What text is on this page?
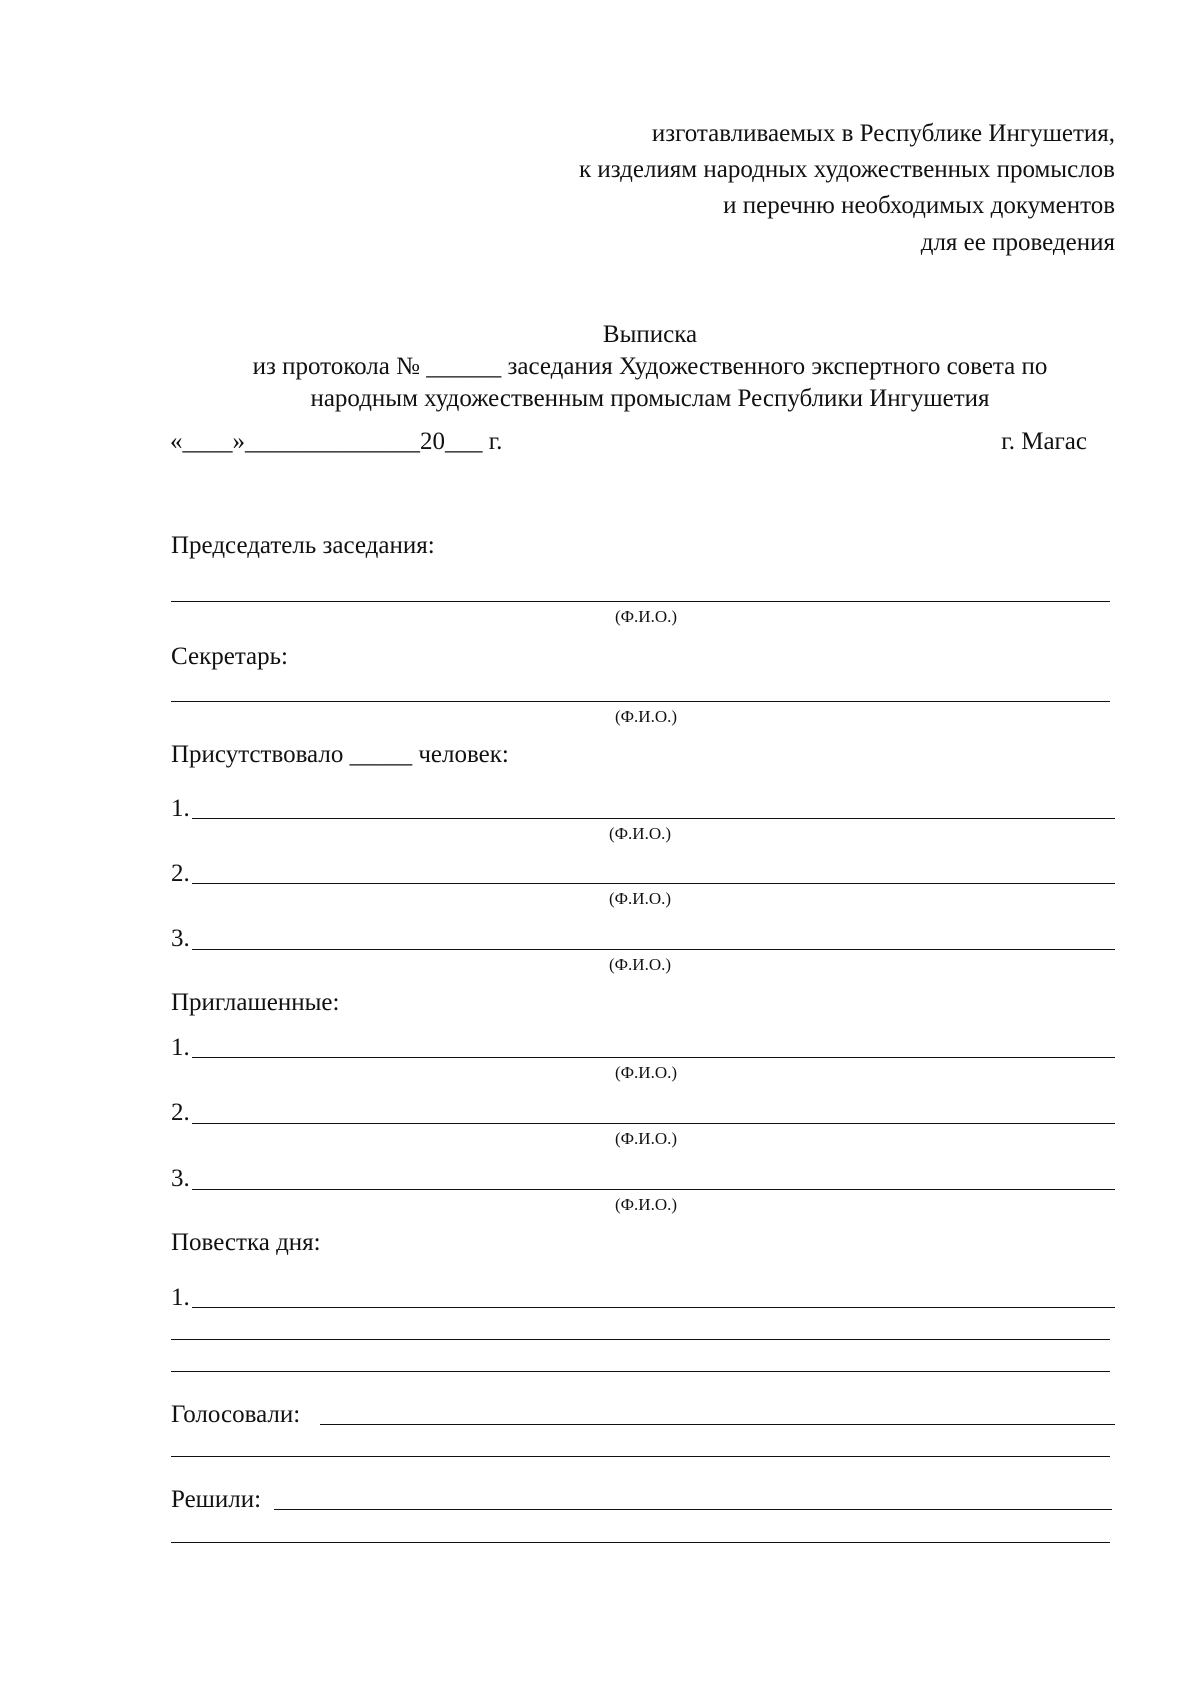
изготавливаемых в Республике Ингушетия,
к изделиям народных художественных промыслов
и перечню необходимых документов
для ее проведения
Выписка
из протокола № ______ заседания Художественного экспертного совета по
народным художественным промыслам Республики Ингушетия
«____»______________20___ г.	г. Магас
Председатель заседания:
(Ф.И.О.)
Секретарь:
(Ф.И.О.)
Присутствовало _____ человек:
1.
(Ф.И.О.)
2.
(Ф.И.О.)
3.
(Ф.И.О.)
Приглашенные:
1.
(Ф.И.О.)
2.
(Ф.И.О.)
3.
(Ф.И.О.)
Повестка дня:
1.
Голосовали:
Решили:
